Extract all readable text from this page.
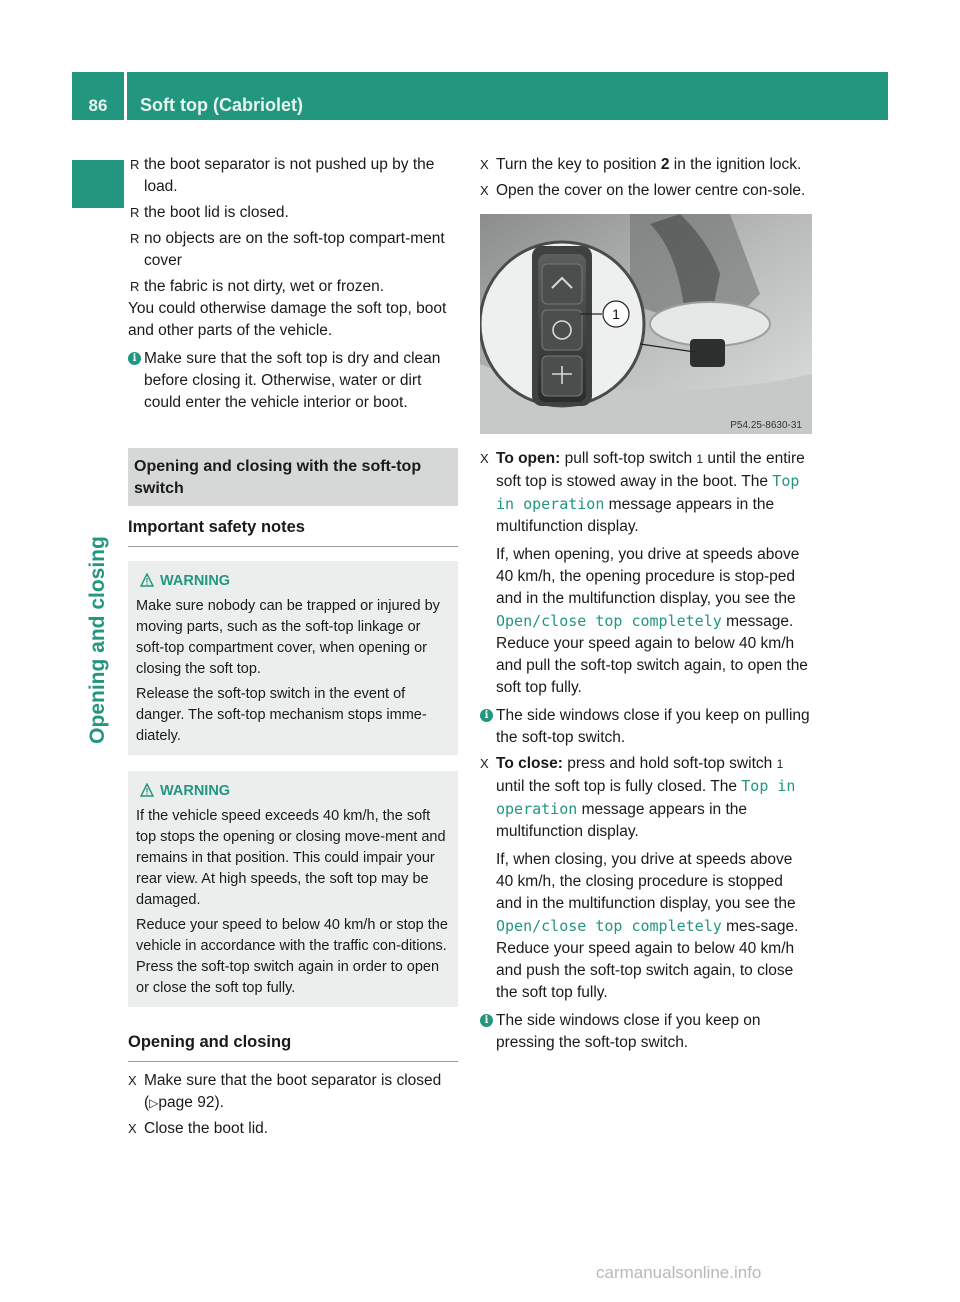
86	Soft top (Cabriolet)
Opening and closing
R the boot separator is not pushed up by the load.
R the boot lid is closed.
R no objects are on the soft-top compart-ment cover
R the fabric is not dirty, wet or frozen.
You could otherwise damage the soft top, boot and other parts of the vehicle.
i Make sure that the soft top is dry and clean before closing it. Otherwise, water or dirt could enter the vehicle interior or boot.
Opening and closing with the soft-top switch
Important safety notes
WARNING
Make sure nobody can be trapped or injured by moving parts, such as the soft-top linkage or soft-top compartment cover, when opening or closing the soft top.
Release the soft-top switch in the event of danger. The soft-top mechanism stops imme-diately.
WARNING
If the vehicle speed exceeds 40 km/h, the soft top stops the opening or closing move-ment and remains in that position. This could impair your rear view. At high speeds, the soft top may be damaged.
Reduce your speed to below 40 km/h or stop the vehicle in accordance with the traffic con-ditions. Press the soft-top switch again in order to open or close the soft top fully.
Opening and closing
X Make sure that the boot separator is closed (▷page 92).
X Close the boot lid.
X Turn the key to position 2 in the ignition lock.
X Open the cover on the lower centre con-sole.
1
P54.25-8630-31
X To open: pull soft-top switch 1 until the entire soft top is stowed away in the boot. The Top in operation message appears in the multifunction display.
If, when opening, you drive at speeds above 40 km/h, the opening procedure is stop-ped and in the multifunction display, you see the Open/close top completely message. Reduce your speed again to below 40 km/h and pull the soft-top switch again, to open the soft top fully.
i The side windows close if you keep on pulling the soft-top switch.
X To close: press and hold soft-top switch 1 until the soft top is fully closed. The Top in operation message appears in the multifunction display.
If, when closing, you drive at speeds above 40 km/h, the closing procedure is stopped and in the multifunction display, you see the Open/close top completely mes-sage. Reduce your speed again to below 40 km/h and push the soft-top switch again, to close the soft top fully.
i The side windows close if you keep on pressing the soft-top switch.
carmanualsonline.info
